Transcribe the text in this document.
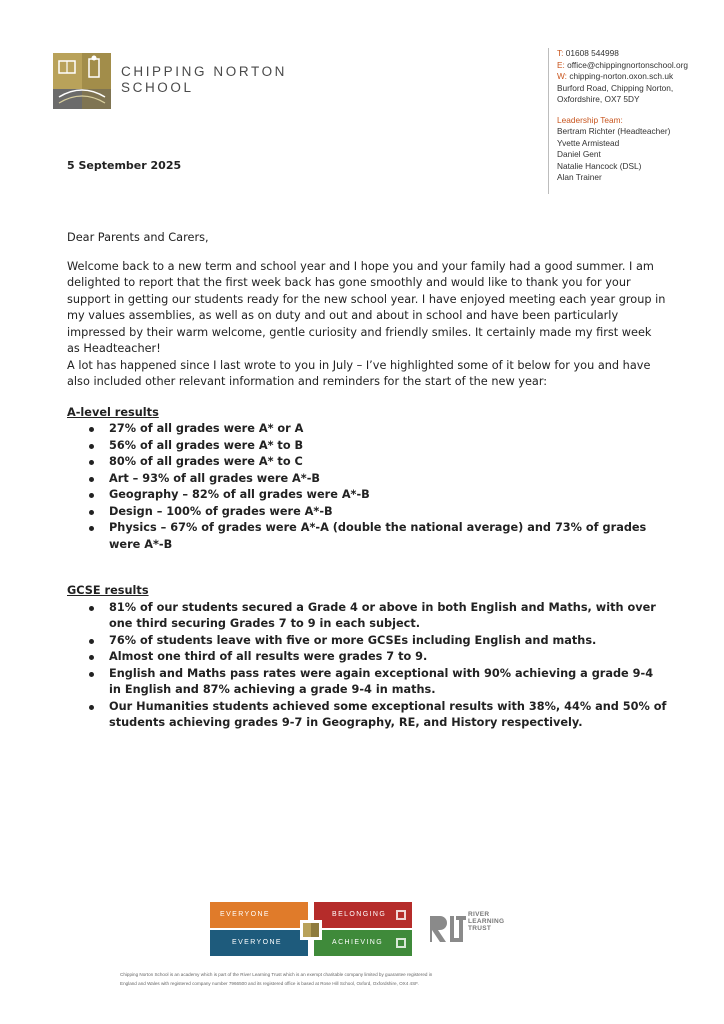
CHIPPING NORTON
SCHOOL
T: 01608 544998
E: office@chippingnortonschool.org
W: chipping-norton.oxon.sch.uk
Burford Road, Chipping Norton,
Oxfordshire, OX7 5DY
Leadership Team:
Bertram Richter (Headteacher)
Yvette Armistead
Daniel Gent
Natalie Hancock (DSL)
Alan Trainer
5 September 2025

Dear Parents and Carers,

Welcome back to a new term and school year and I hope you and your family had a good summer. I am delighted to report that the first week back has gone smoothly and would like to thank you for your support in getting our students ready for the new school year. I have enjoyed meeting each year group in my values assemblies, as well as on duty and out and about in school and have been particularly impressed by their warm welcome, gentle curiosity and friendly smiles. It certainly made my first week as Headteacher!

A lot has happened since I last wrote to you in July – I’ve highlighted some of it below for you and have also included other relevant information and reminders for the start of the new year:

A-level results

27% of all grades were A* or A
56% of all grades were A* to B
80% of all grades were A* to C
Art – 93% of all grades were A*-B
Geography – 82% of all grades were A*-B
Design – 100% of grades were A*-B
Physics – 67% of grades were A*-A (double the national average) and 73% of grades were A*-B

GCSE results

81% of our students secured a Grade 4 or above in both English and Maths, with over one third securing Grades 7 to 9 in each subject.
76% of students leave with five or more GCSEs including English and maths.
Almost one third of all results were grades 7 to 9.
English and Maths pass rates were again exceptional with 90% achieving a grade 9-4 in English and 87% achieving a grade 9-4 in maths.
Our Humanities students achieved some exceptional results with 38%, 44% and 50% of students achieving grades 9-7 in Geography, RE, and History respectively.
EVERYONE	BELONGING
EVERYONE	ACHIEVING
RIVER
LEARNING
TRUST
Chipping Norton School is an academy which is part of the River Learning Trust which is an exempt charitable company limited by guarantee registered in
England and Wales with registered company number 7966500 and its registered office is based at Rose Hill School, Oxford, Oxfordshire, OX4 4SF.
